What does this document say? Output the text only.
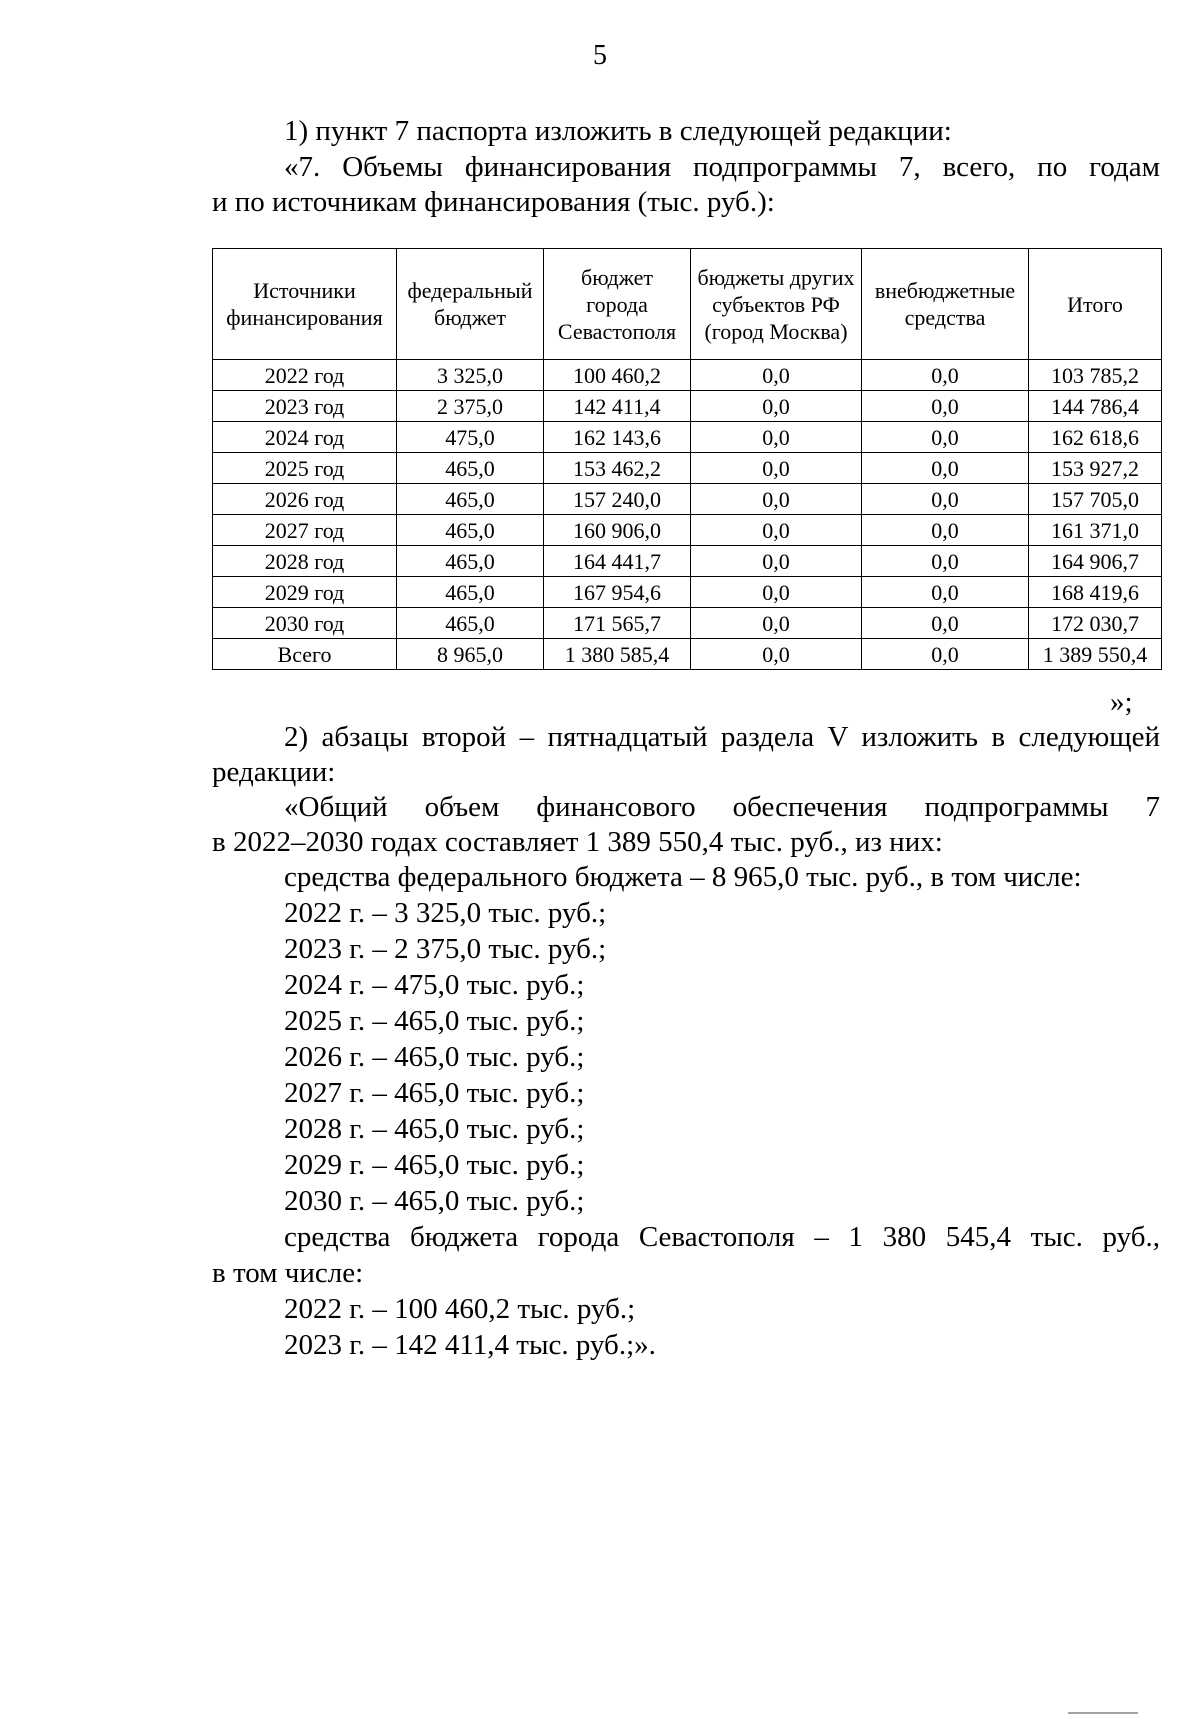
5

1) пункт 7 паспорта изложить в следующей редакции:

«7. Объемы финансирования подпрограммы 7, всего, по годам

и по источникам финансирования (тыс. руб.):

Источники финансирования	федеральный бюджет	бюджет города Севастополя	бюджеты других субъектов РФ (город Москва)	внебюджетные средства	Итого
2022 год	3 325,0	100 460,2	0,0	0,0	103 785,2
2023 год	2 375,0	142 411,4	0,0	0,0	144 786,4
2024 год	475,0	162 143,6	0,0	0,0	162 618,6
2025 год	465,0	153 462,2	0,0	0,0	153 927,2
2026 год	465,0	157 240,0	0,0	0,0	157 705,0
2027 год	465,0	160 906,0	0,0	0,0	161 371,0
2028 год	465,0	164 441,7	0,0	0,0	164 906,7
2029 год	465,0	167 954,6	0,0	0,0	168 419,6
2030 год	465,0	171 565,7	0,0	0,0	172 030,7
Всего	8 965,0	1 380 585,4	0,0	0,0	1 389 550,4
»;

2) абзацы второй – пятнадцатый раздела V изложить в следующей

редакции:

«Общий объем финансового обеспечения подпрограммы 7

в 2022–2030 годах составляет 1 389 550,4 тыс. руб., из них:

средства федерального бюджета – 8 965,0 тыс. руб., в том числе:

2022 г. – 3 325,0 тыс. руб.;

2023 г. – 2 375,0 тыс. руб.;

2024 г. – 475,0 тыс. руб.;

2025 г. – 465,0 тыс. руб.;

2026 г. – 465,0 тыс. руб.;

2027 г. – 465,0 тыс. руб.;

2028 г. – 465,0 тыс. руб.;

2029 г. – 465,0 тыс. руб.;

2030 г. – 465,0 тыс. руб.;

средства бюджета города Севастополя – 1 380 545,4 тыс. руб.,

в том числе:

2022 г. – 100 460,2 тыс. руб.;

2023 г. – 142 411,4 тыс. руб.;».
